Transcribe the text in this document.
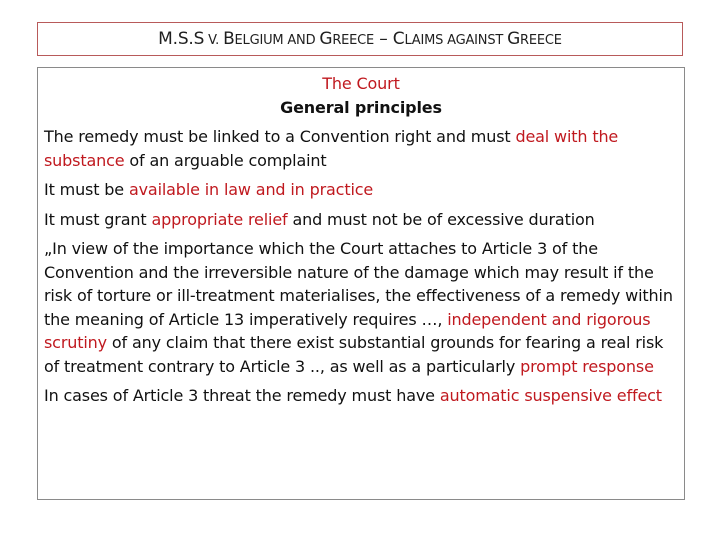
M.S.S V. BELGIUM AND GREECE – CLAIMS AGAINST GREECE
The Court
General principles
The remedy must be linked to a Convention right and must deal with the substance of an arguable complaint
It must be available in law and in practice
It must grant appropriate relief and must not be of excessive duration
„In view of the importance which the Court attaches to Article 3 of the Convention and the irreversible nature of the damage which may result if the risk of torture or ill-treatment materialises, the effectiveness of a remedy within the meaning of Article 13 imperatively requires …, independent and rigorous scrutiny of any claim that there exist substantial grounds for fearing a real risk of treatment contrary to Article 3 .., as well as a particularly prompt response
In cases of Article 3 threat the remedy must have automatic suspensive effect
